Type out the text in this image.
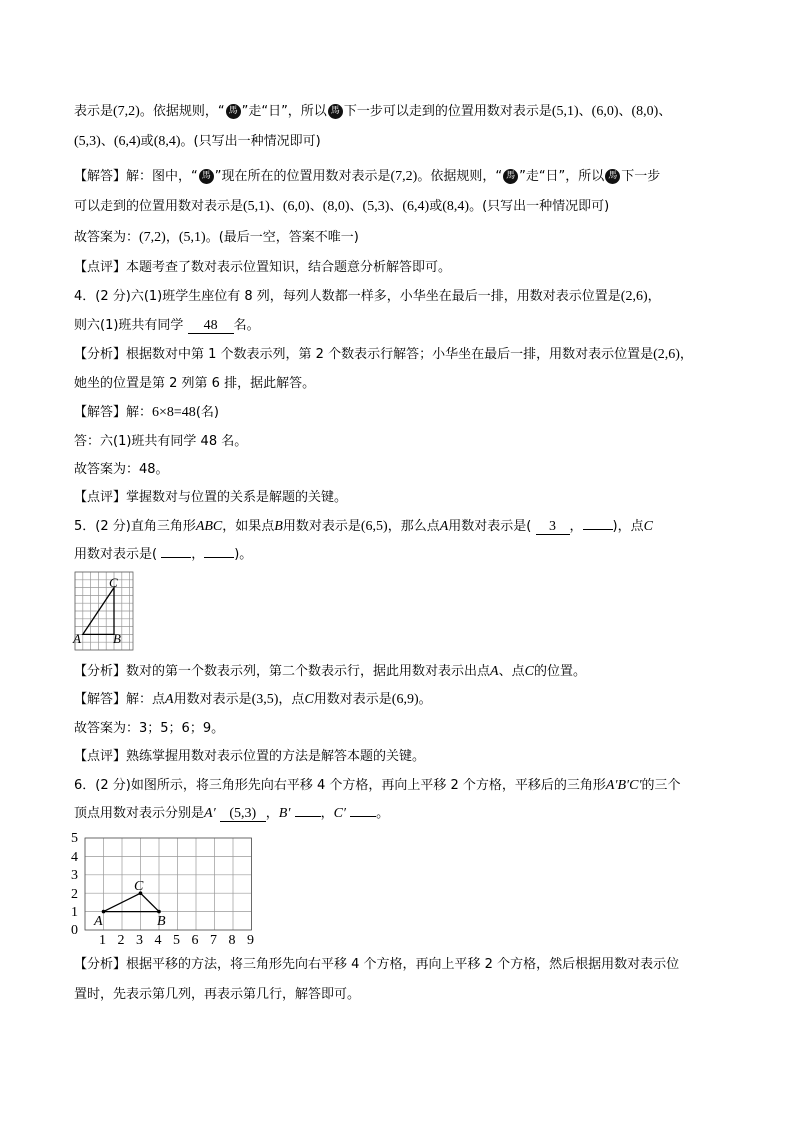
表示是(7,2)。依据规则，“ 馬 ”走“日”，所以 馬 下一步可以走到的位置用数对表示是(5,1)、(6,0)、(8,0)、
(5,3)、(6,4)或(8,4)。(只写出一种情况即可)
【解答】解：图中，“ 馬 ”现在所在的位置用数对表示是(7,2)。依据规则，“ 馬 ”走“日”，所以 馬 下一步
可以走到的位置用数对表示是(5,1)、(6,0)、(8,0)、(5,3)、(6,4)或(8,4)。(只写出一种情况即可)
故答案为：(7,2)，(5,1)。(最后一空，答案不唯一)
【点评】本题考查了数对表示位置知识，结合题意分析解答即可。
4．(2 分)六(1)班学生座位有 8 列，每列人数都一样多，小华坐在最后一排，用数对表示位置是(2,6)，
则六(1)班共有同学 48 名。
【分析】根据数对中第 1 个数表示列，第 2 个数表示行解答；小华坐在最后一排，用数对表示位置是(2,6)，
她坐的位置是第 2 列第 6 排，据此解答。
【解答】解：6×8=48(名)
答：六(1)班共有同学 48 名。
故答案为：48。
【点评】掌握数对与位置的关系是解题的关键。
5．(2 分)直角三角形ABC，如果点B用数对表示是(6,5)，那么点A用数对表示是( 3 ， )，点C
用数对表示是(	， )。
C
A B
【分析】数对的第一个数表示列，第二个数表示行，据此用数对表示出点A、点C的位置。
【解答】解：点A用数对表示是(3,5)，点C用数对表示是(6,9)。
故答案为：3；5；6；9。
【点评】熟练掌握用数对表示位置的方法是解答本题的关键。
6．(2 分)如图所示，将三角形先向右平移 4 个方格，再向上平移 2 个方格，平移后的三角形A′B′C′的三个
顶点用数对表示分别是A′ (5,3) ，B′ ，C′ 。
5
4
3
2
1
0
1 2 3 4 5 6 7 8 9
C
A	B
【分析】根据平移的方法，将三角形先向右平移 4 个方格，再向上平移 2 个方格，然后根据用数对表示位
置时，先表示第几列，再表示第几行，解答即可。
